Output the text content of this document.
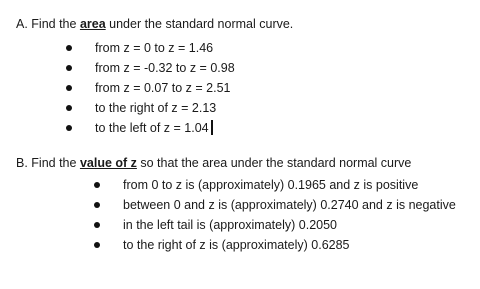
A. Find the area under the standard normal curve.
from z = 0 to z = 1.46
from z = -0.32 to z = 0.98
from z = 0.07 to z = 2.51
to the right of z = 2.13
to the left of z = 1.04
B. Find the value of z so that the area under the standard normal curve
from 0 to z is (approximately) 0.1965 and z is positive
between 0 and z is (approximately) 0.2740 and z is negative
in the left tail is (approximately) 0.2050
to the right of z is (approximately) 0.6285
